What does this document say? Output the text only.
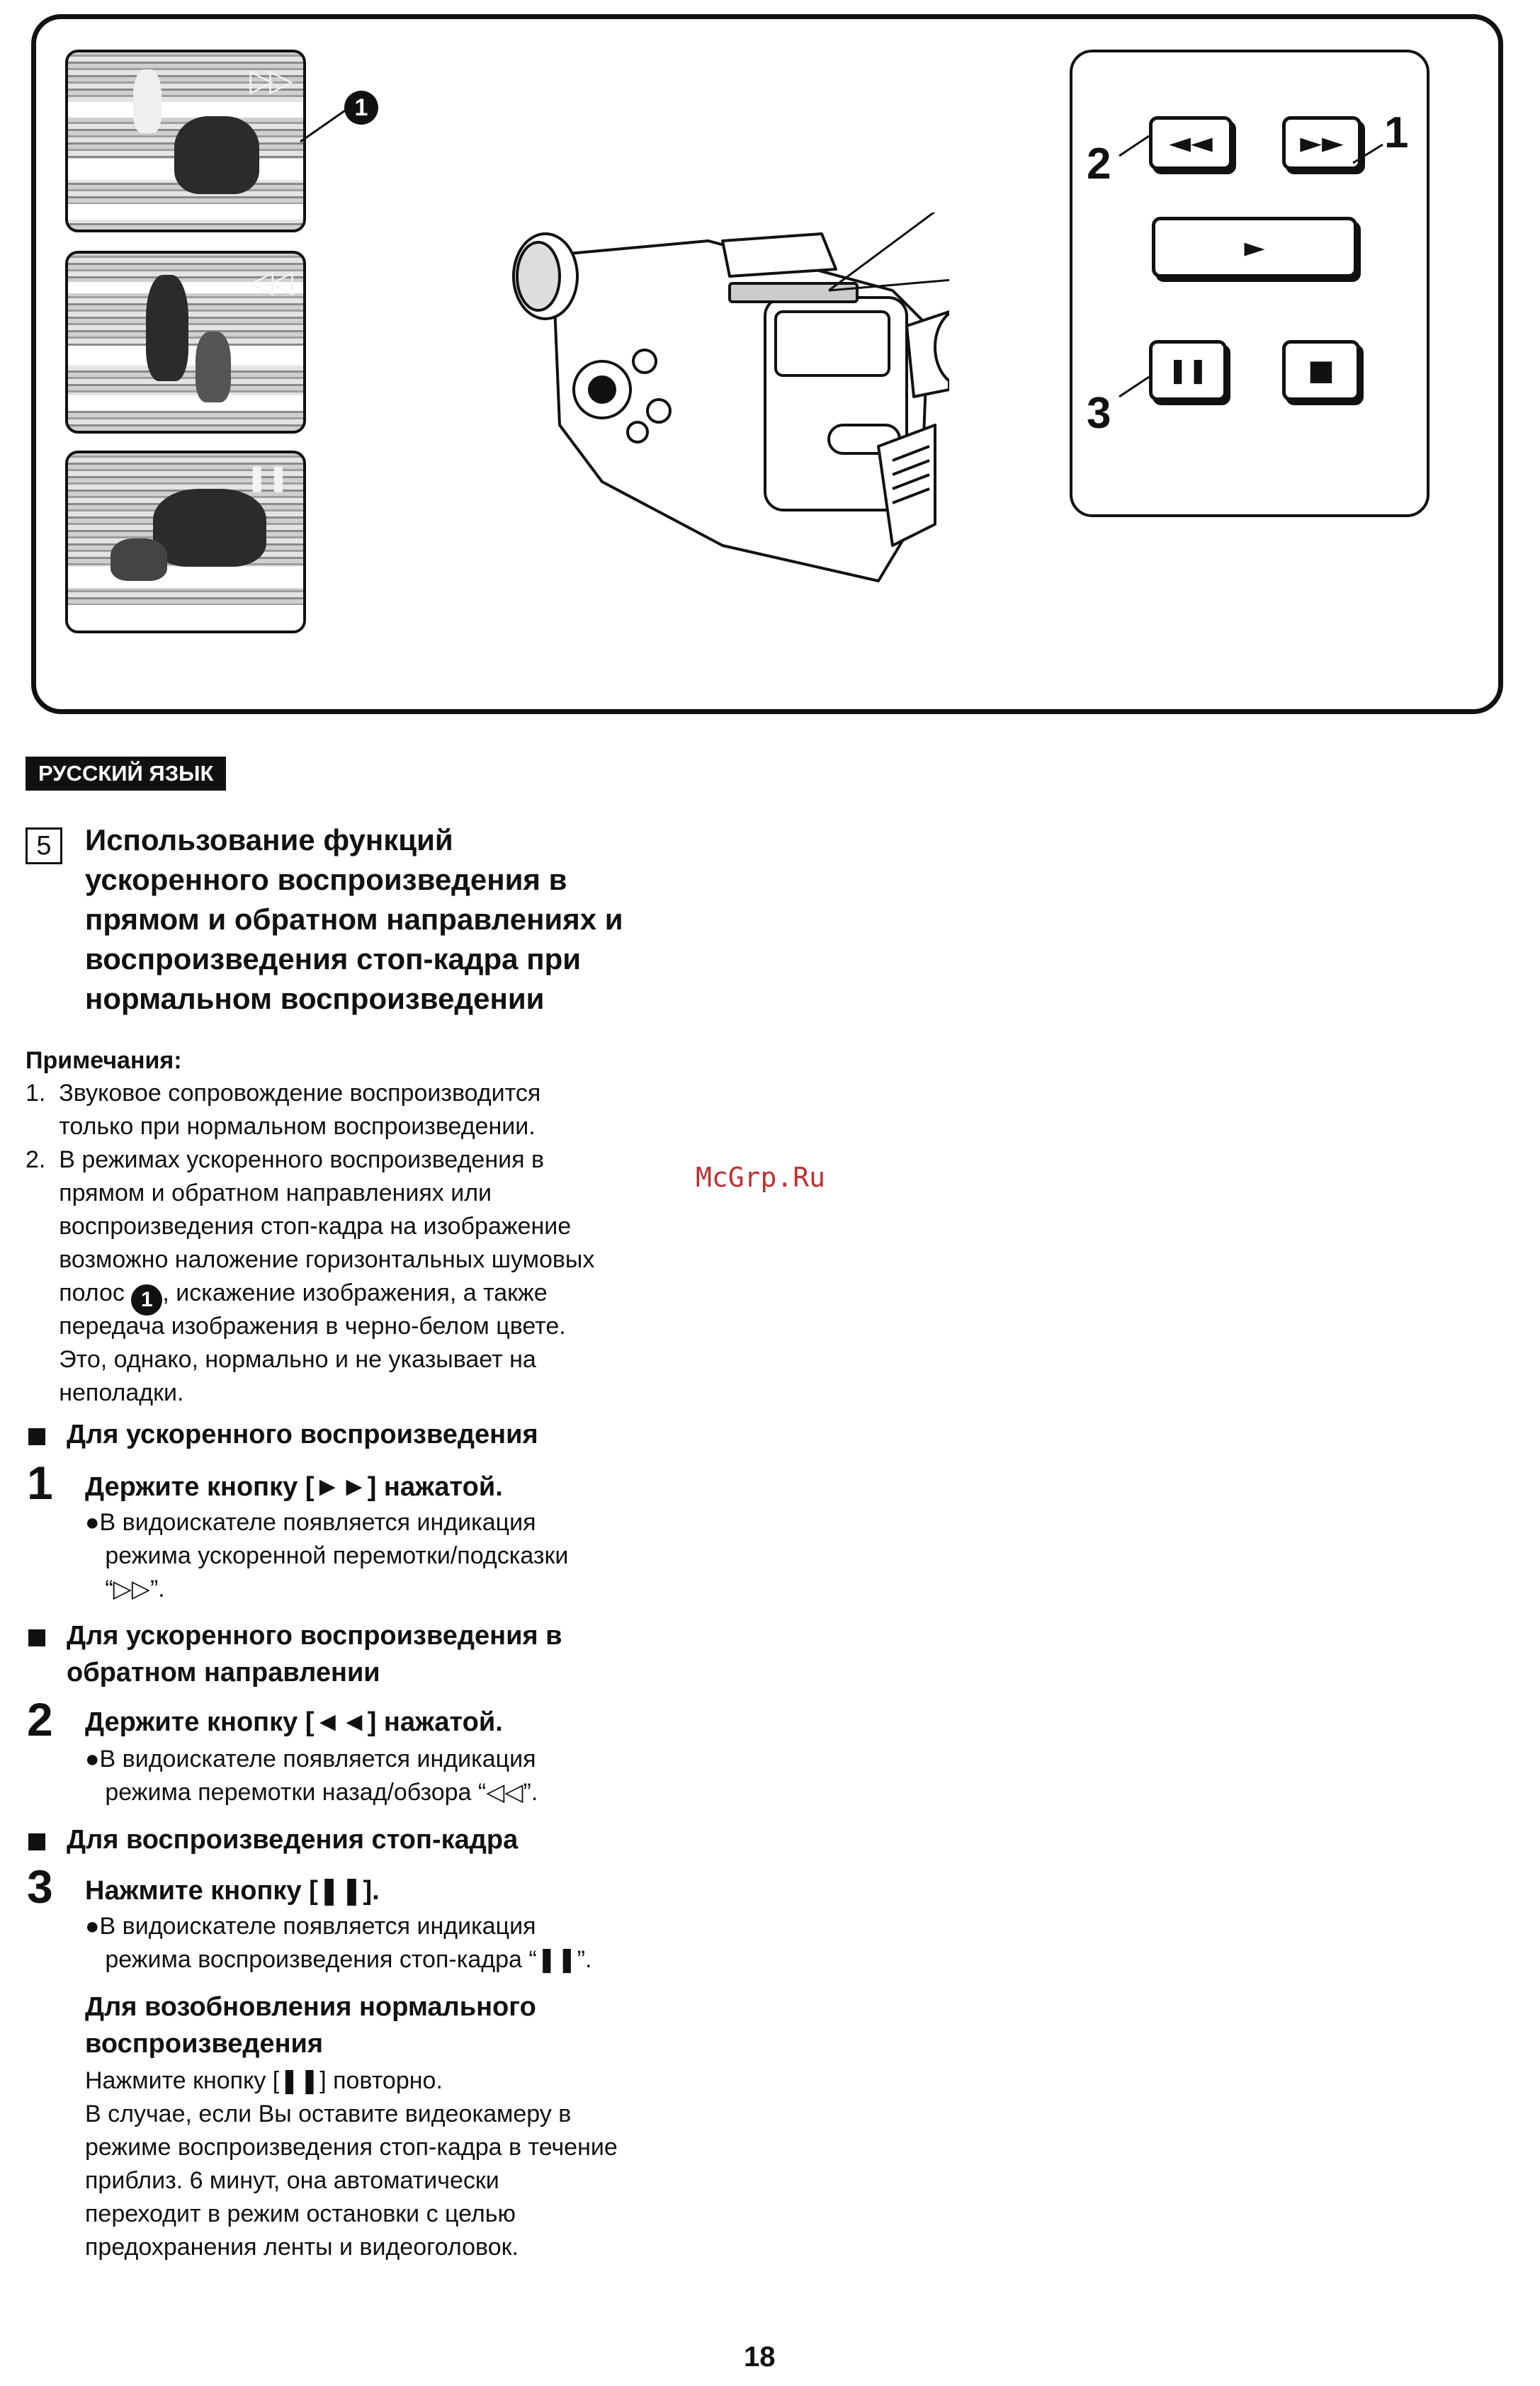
▷▷
1
◁◁
❚❚
◄◄	►►
►
❚❚	■
1
2
3
РУССКИЙ ЯЗЫК
5	Использование функций
ускоренного воспроизведения в
прямом и обратном направлениях и
воспроизведения стоп-кадра при
нормальном воспроизведении
Примечания:
1.  Звуковое сопровождение воспроизводится
только при нормальном воспроизведении.
2.  В режимах ускоренного воспроизведения в
прямом и обратном направлениях или
воспроизведения стоп-кадра на изображение
возможно наложение горизонтальных шумовых
полос 1 , искажение изображения, а также
передача изображения в черно-белом цвете.
Это, однако, нормально и не указывает на
неполадки.
Для ускоренного воспроизведения
1 Держите кнопку [►►] нажатой.
●В видоискателе появляется индикация
режима ускоренной перемотки/подсказки
“▷▷”.
Для ускоренного воспроизведения в
обратном направлении
2 Держите кнопку [◄◄] нажатой.
●В видоискателе появляется индикация
режима перемотки назад/обзора “◁◁”.
Для воспроизведения стоп-кадра
3 Нажмите кнопку [❚❚].
●В видоискателе появляется индикация
режима воспроизведения стоп-кадра “❚❚”.
Для возобновления нормального
воспроизведения
Нажмите кнопку [❚❚] повторно.
В случае, если Вы оставите видеокамеру в
режиме воспроизведения стоп-кадра в течение
приблиз. 6 минут, она автоматически
переходит в режим остановки с целью
предохранения ленты и видеоголовок.
McGrp.Ru
18
